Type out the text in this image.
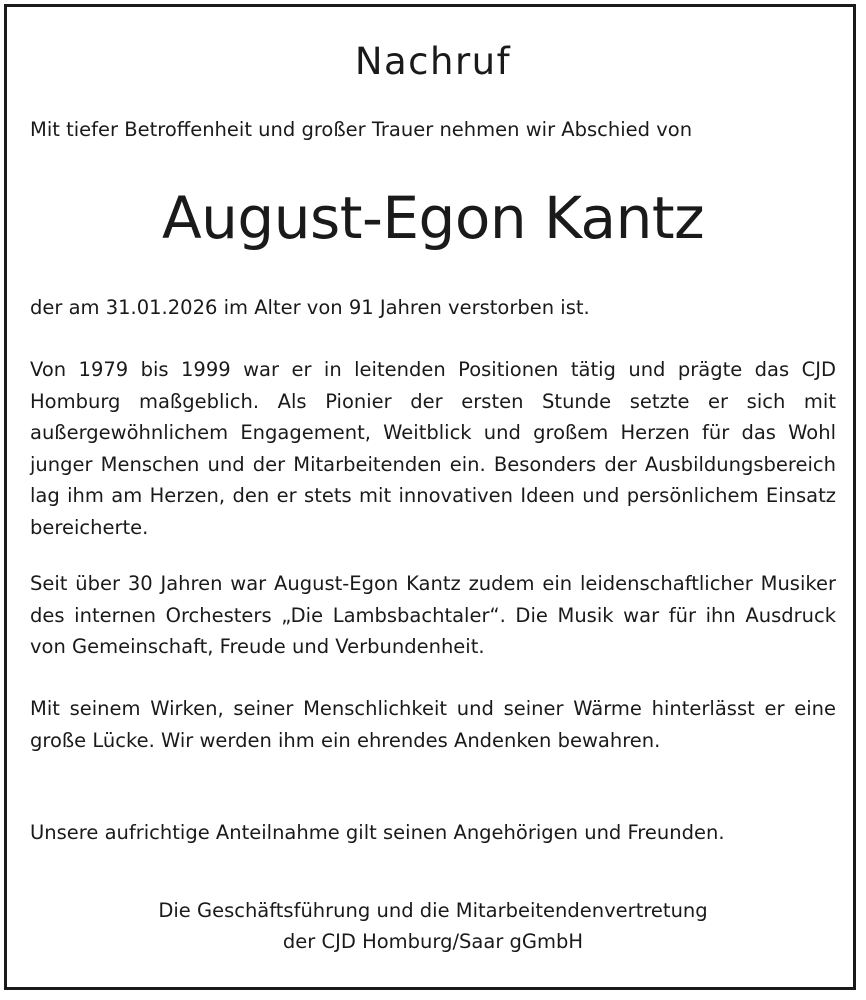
Nachruf
Mit tiefer Betroffenheit und großer Trauer nehmen wir Abschied von
August-Egon Kantz
der am 31.01.2026 im Alter von 91 Jahren verstorben ist.
Von 1979 bis 1999 war er in leitenden Positionen tätig und prägte das CJD Homburg maßgeblich. Als Pionier der ersten Stunde setzte er sich mit außergewöhnlichem Engagement, Weitblick und großem Herzen für das Wohl junger Menschen und der Mitarbeitenden ein. Besonders der Ausbildungsbereich lag ihm am Herzen, den er stets mit innovativen Ideen und persönlichem Einsatz bereicherte.
Seit über 30 Jahren war August-Egon Kantz zudem ein leidenschaftlicher Musiker des internen Orchesters „Die Lambsbachtaler“. Die Musik war für ihn Ausdruck von Gemeinschaft, Freude und Verbundenheit.
Mit seinem Wirken, seiner Menschlichkeit und seiner Wärme hinterlässt er eine große Lücke. Wir werden ihm ein ehrendes Andenken bewahren.
Unsere aufrichtige Anteilnahme gilt seinen Angehörigen und Freunden.
Die Geschäftsführung und die Mitarbeitendenvertretung
der CJD Homburg/Saar gGmbH
